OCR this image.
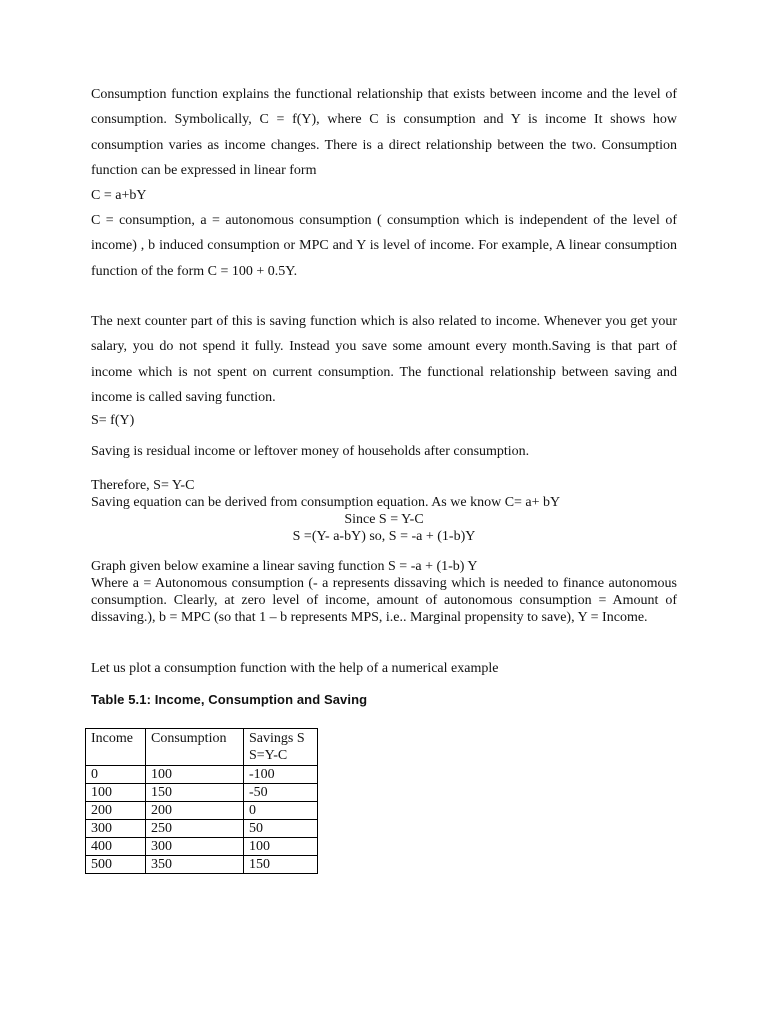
Consumption function explains the functional relationship that exists between income and the level of consumption. Symbolically, C = f(Y), where C is consumption and Y is income It shows how consumption varies as income changes. There is a direct relationship between the two. Consumption function can be expressed in linear form

C = a+bY

C = consumption, a = autonomous consumption ( consumption which is independent of the level of income) , b induced consumption or MPC and Y is level of income. For example, A linear consumption function of the form C = 100 + 0.5Y.

The next counter part of this is saving function which is also related to income. Whenever you get your salary, you do not spend it fully. Instead you save some amount every month.Saving is that part of income which is not spent on current consumption. The functional relationship between saving and income is called saving function.

S= f(Y)

Saving is residual income or leftover money of households after consumption.

Therefore, S= Y-C

Saving equation can be derived from consumption equation. As we know C= a+ bY

Since S = Y-C

S =(Y- a-bY) so, S = -a + (1-b)Y

Graph given below examine a linear saving function S = -a + (1-b) Y

Where a = Autonomous consumption (- a represents dissaving which is needed to finance autonomous consumption. Clearly, at zero level of income, amount of autonomous consumption = Amount of dissaving.), b = MPC (so that 1 – b represents MPS, i.e.. Marginal propensity to save), Y = Income.

Let us plot a consumption function with the help of a numerical example

Table 5.1: Income, Consumption and Saving

Income	Consumption	Savings S
S=Y-C
0	100	-100
100	150	-50
200	200	0
300	250	50
400	300	100
500	350	150
